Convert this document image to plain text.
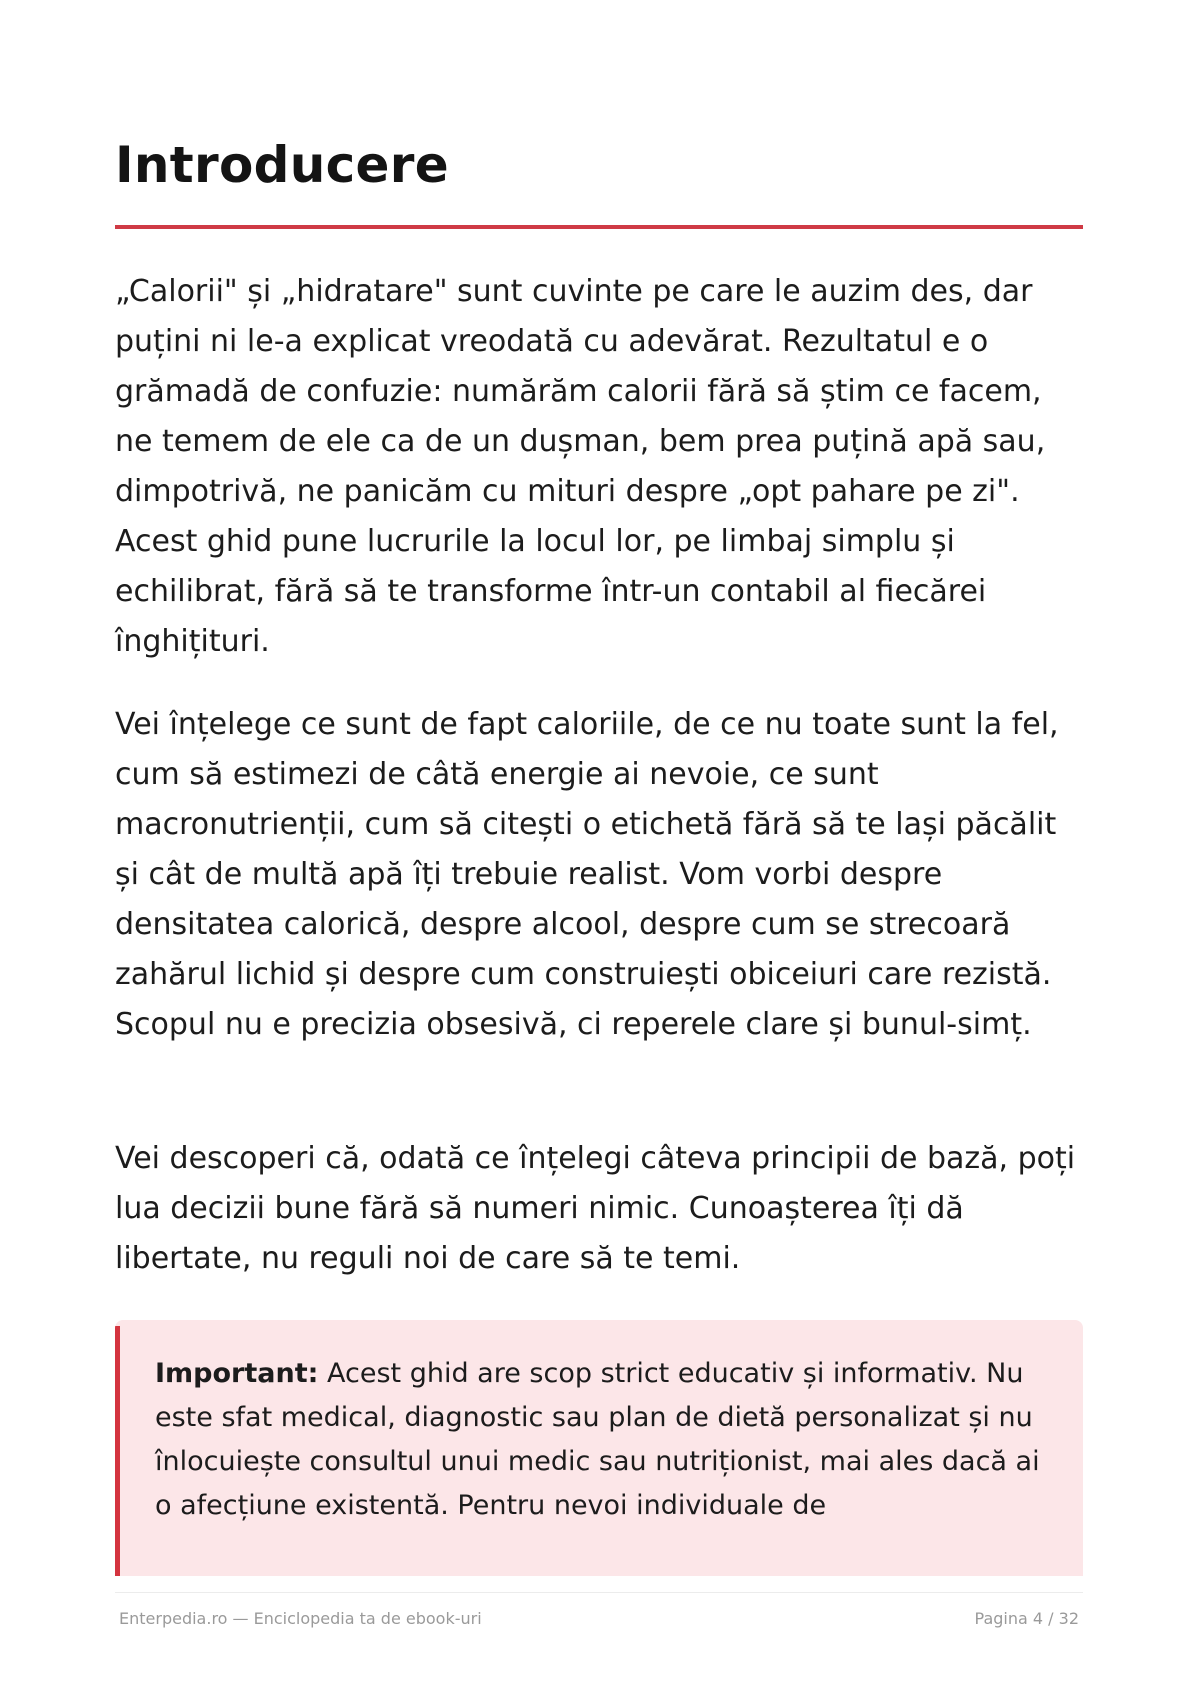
Introducere

„Calorii" și „hidratare" sunt cuvinte pe care le auzim des, dar puțini ni le-a explicat vreodată cu adevărat. Rezultatul e o grămadă de confuzie: numărăm calorii fără să știm ce facem, ne temem de ele ca de un dușman, bem prea puțină apă sau, dimpotrivă, ne panicăm cu mituri despre „opt pahare pe zi". Acest ghid pune lucrurile la locul lor, pe limbaj simplu și echilibrat, fără să te transforme într-un contabil al fiecărei înghițituri.

Vei înțelege ce sunt de fapt caloriile, de ce nu toate sunt la fel, cum să estimezi de câtă energie ai nevoie, ce sunt macronutrienții, cum să citești o etichetă fără să te lași păcălit și cât de multă apă îți trebuie realist. Vom vorbi despre densitatea calorică, despre alcool, despre cum se strecoară zahărul lichid și despre cum construiești obiceiuri care rezistă. Scopul nu e precizia obsesivă, ci reperele clare și bunul-simț.

Vei descoperi că, odată ce înțelegi câteva principii de bază, poți lua decizii bune fără să numeri nimic. Cunoașterea îți dă libertate, nu reguli noi de care să te temi.

Important: Acest ghid are scop strict educativ și informativ. Nu este sfat medical, diagnostic sau plan de dietă personalizat și nu înlocuiește consultul unui medic sau nutriționist, mai ales dacă ai o afecțiune existentă. Pentru nevoi individuale de

Enterpedia.ro — Enciclopedia ta de ebook-uri	Pagina 4 / 32
